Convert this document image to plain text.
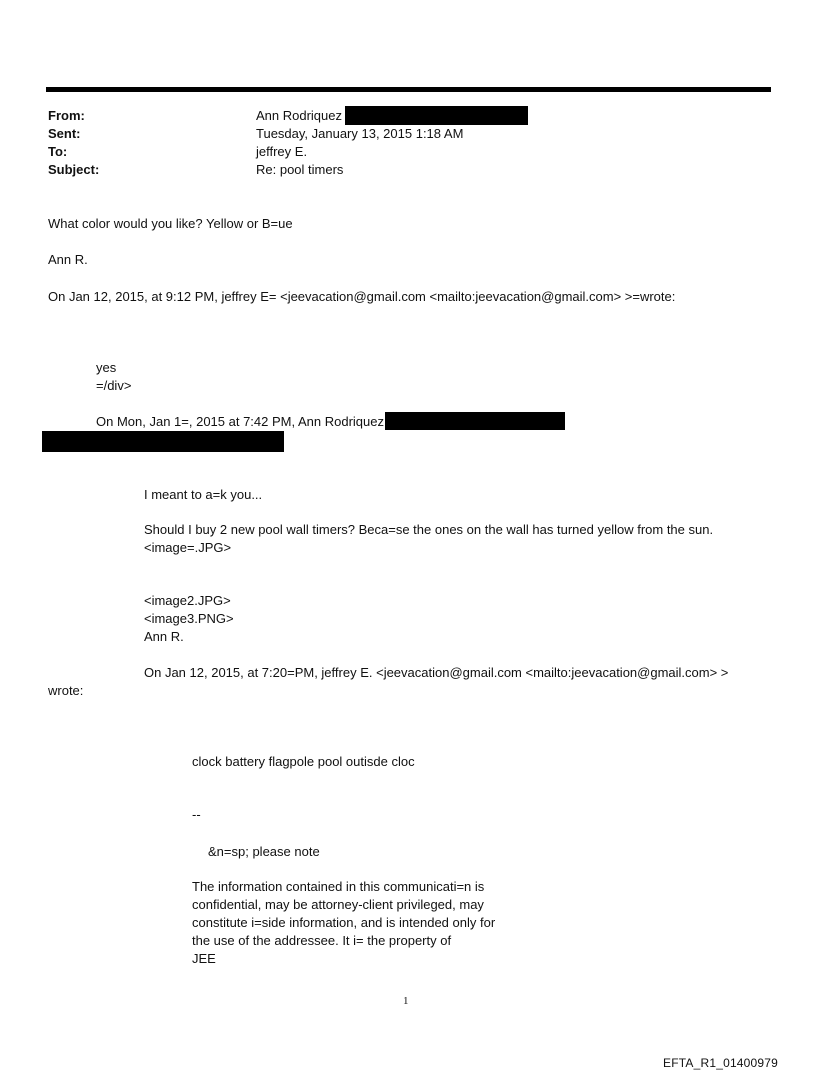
From:	Ann Rodriquez
Sent:	Tuesday, January 13, 2015 1:18 AM
To:	jeffrey E.
Subject:	Re: pool timers
What color would you like? Yellow or B=ue
Ann R.
On Jan 12, 2015, at 9:12 PM, jeffrey E= <jeevacation@gmail.com <mailto:jeevacation@gmail.com> >=wrote:
yes
=/div>
On Mon, Jan 1=, 2015 at 7:42 PM, Ann Rodriquez
I meant to a=k you...
Should I buy 2 new pool wall timers? Beca=se the ones on the wall has turned yellow from the sun.
<image=.JPG>
<image2.JPG>
<image3.PNG>
Ann R.
On Jan 12, 2015, at 7:20=PM, jeffrey E. <jeevacation@gmail.com <mailto:jeevacation@gmail.com> >
wrote:
clock battery flagpole pool outisde cloc
--
&n=sp; please note
The information contained in this communicati=n is
confidential, may be attorney-client privileged, may
constitute i=side information, and is intended only for
the use of the addressee. It i= the property of
JEE
1
EFTA_R1_01400979
